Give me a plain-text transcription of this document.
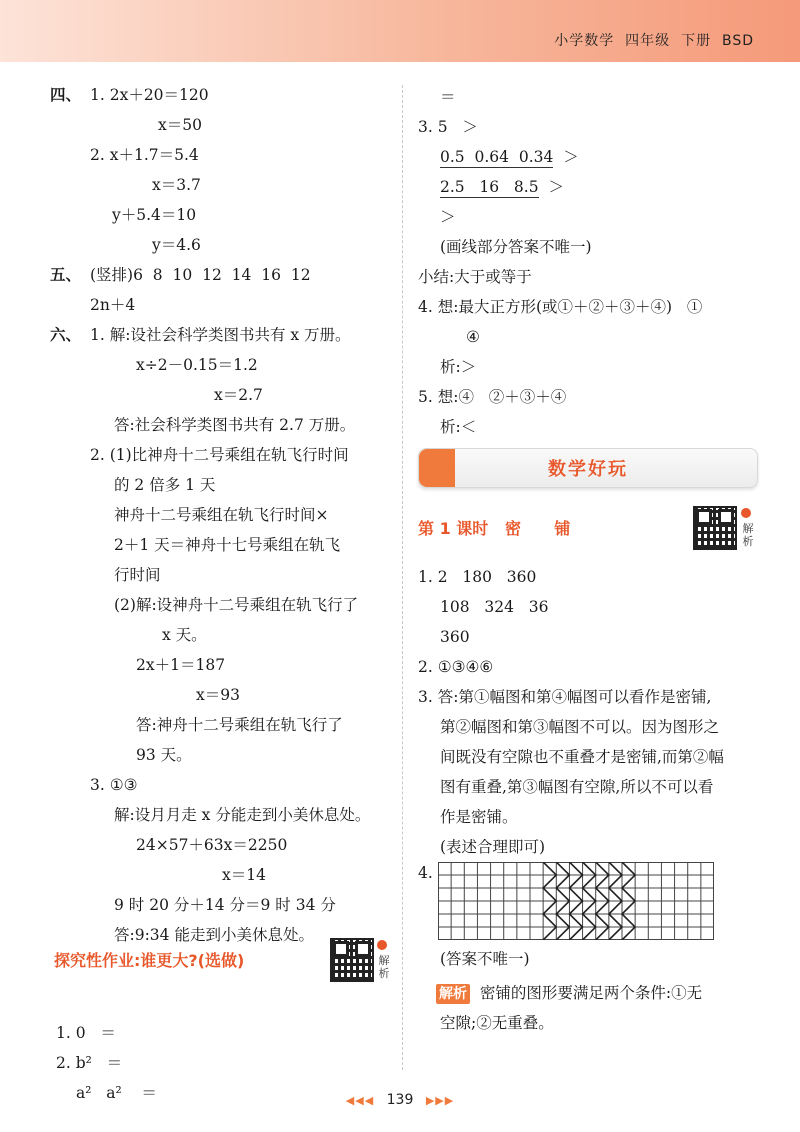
小学数学  四年级  下册  BSD
四、 1. 2x＋20＝120
x＝50
2. x＋1.7＝5.4
x＝3.7
y＋5.4＝10
y＝4.6
五、 (竖排)6  8  10  12  14  16  12
2n＋4
六、 1. 解:设社会科学类图书共有 x 万册。
x÷2－0.15＝1.2
x＝2.7
答:社会科学类图书共有 2.7 万册。
2. (1)比神舟十二号乘组在轨飞行时间
的 2 倍多 1 天
神舟十二号乘组在轨飞行时间×
2＋1 天＝神舟十七号乘组在轨飞
行时间
(2)解:设神舟十二号乘组在轨飞行了
x 天。
2x＋1＝187
x＝93
答:神舟十二号乘组在轨飞行了
93 天。
3. ①③
解:设月月走 x 分能走到小美休息处。
24×57＋63x＝2250
x＝14
9 时 20 分＋14 分＝9 时 34 分
答:9:34 能走到小美休息处。
探究性作业:谁更大?(选做)	解析
1. 0   ＝
2. b²   ＝
a²   a²    ＝
＝
3. 5   ＞
0.5  0.64  0.34  ＞
2.5   16   8.5  ＞
＞
(画线部分答案不唯一)
小结:大于或等于
4. 想:最大正方形(或①＋②＋③＋④)   ①
④
析:＞
5. 想:④   ②＋③＋④
析:＜
数学好玩
第 1 课时   密      铺	解析
1. 2   180   360
108   324   36
360
2. ①③④⑥
3. 答:第①幅图和第④幅图可以看作是密铺,
第②幅图和第③幅图不可以。因为图形之
间既没有空隙也不重叠才是密铺,而第②幅
图有重叠,第③幅图有空隙,所以不可以看
作是密铺。
(表述合理即可)
4.
(答案不唯一)
解析  密铺的图形要满足两个条件:①无
空隙;②无重叠。
◀◀◀ 139 ▶▶▶
